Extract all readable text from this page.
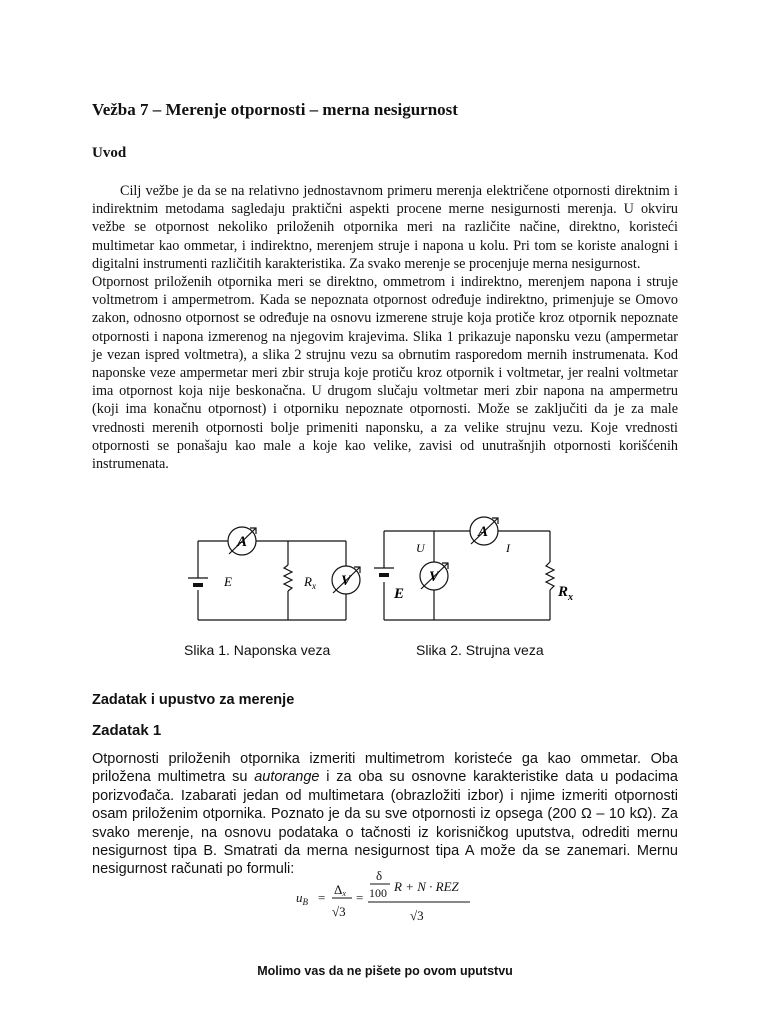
Vežba 7 – Merenje otpornosti – merna nesigurnost
Uvod

Cilj vežbe je da se na relativno jednostavnom primeru merenja električene otpornosti direktnim i indirektnim metodama sagledaju praktični aspekti procene merne nesigurnosti merenja. U okviru vežbe se otpornost nekoliko priloženih otpornika meri na različite načine, direktno, koristeći multimetar kao ommetar, i indirektno, merenjem struje i napona u kolu. Pri tom se koriste analogni i digitalni instrumenti različitih karakteristika. Za svako merenje se procenjuje merna nesigurnost.

Otpornost priloženih otpornika meri se direktno, ommetrom i indirektno, merenjem napona i struje voltmetrom i ampermetrom. Kada se nepoznata otpornost određuje indirektno, primenjuje se Omovo zakon, odnosno otpornost se određuje na osnovu izmerene struje koja protiče kroz otpornik nepoznate otpornosti i napona izmerenog na njegovim krajevima. Slika 1 prikazuje naponsku vezu (ampermetar je vezan ispred voltmetra), a slika 2 strujnu vezu sa obrnutim rasporedom mernih instrumenata. Kod naponske veze ampermetar meri zbir struja koje protiču kroz otpornik i voltmetar, jer realni voltmetar ima otpornost koja nije beskonačna. U drugom slučaju voltmetar meri zbir napona na ampermetru (koji ima konačnu otpornost) i otporniku nepoznate otpornosti. Može se zaključiti da je za male vrednosti merenih otpornosti bolje primeniti naponsku, a za velike strujnu vezu. Koje vrednosti otpornosti se ponašaju kao male a koje kao velike, zavisi od unutrašnjih otpornosti korišćenih instrumenata.

A
V
E	$R_x$
A
V
E
U	I
$R_x$
Slika 1. Naponska veza	Slika 2. Strujna veza
Zadatak i upustvo za merenje
Zadatak 1

Otpornosti priloženih otpornika izmeriti multimetrom koristeće ga kao ommetar. Oba priložena multimetra su autorange i za oba su osnovne karakteristike data u podacima porizvođača. Izabarati jedan od multimetara (obrazložiti izbor) i njime izmeriti otpornosti osam priloženim otpornika. Poznato je da su sve otpornosti iz opsega (200 Ω – 10 kΩ). Za svako merenje, na osnovu podataka o tačnosti iz korisničkog uputstva, odrediti mernu nesigurnost tipa B. Smatrati da merna nesigurnost tipa A može da se zanemari. Mernu nesigurnost računati po formuli:

$u_B$ =
Δx
√3
=
δ
100 R + N · REZ
√3
Molimo vas da ne pišete po ovom uputstvu
